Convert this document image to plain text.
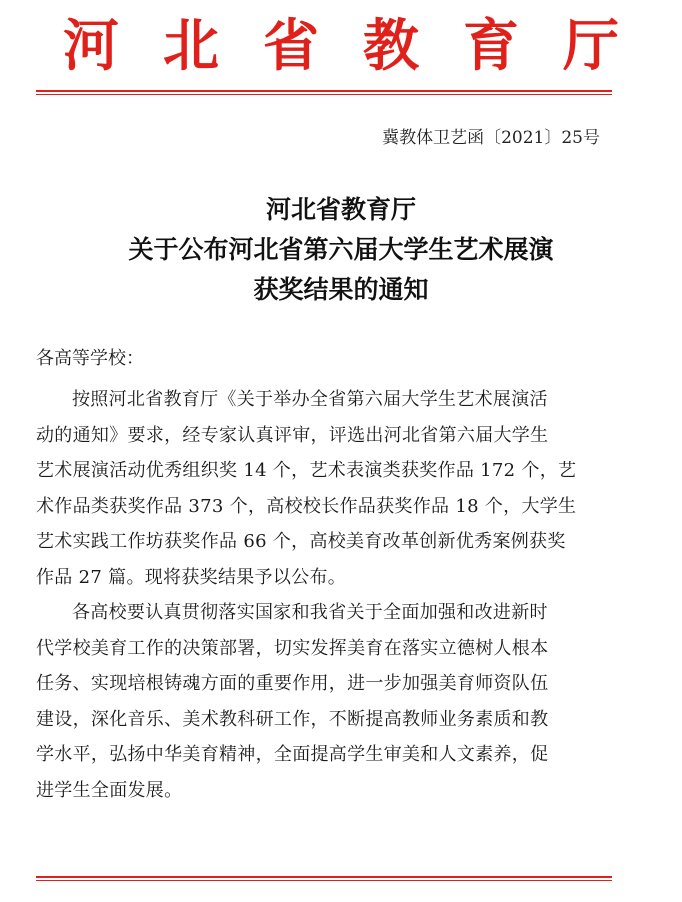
河北省教育厅
冀教体卫艺函〔2021〕25号
河北省教育厅
关于公布河北省第六届大学生艺术展演
获奖结果的通知
各高等学校：
按照河北省教育厅《关于举办全省第六届大学生艺术展演活
动的通知》要求，经专家认真评审，评选出河北省第六届大学生
艺术展演活动优秀组织奖 14 个，艺术表演类获奖作品 172 个，艺
术作品类获奖作品 373 个，高校校长作品获奖作品 18 个，大学生
艺术实践工作坊获奖作品 66 个，高校美育改革创新优秀案例获奖
作品 27 篇。现将获奖结果予以公布。
各高校要认真贯彻落实国家和我省关于全面加强和改进新时
代学校美育工作的决策部署，切实发挥美育在落实立德树人根本
任务、实现培根铸魂方面的重要作用，进一步加强美育师资队伍
建设，深化音乐、美术教科研工作，不断提高教师业务素质和教
学水平，弘扬中华美育精神，全面提高学生审美和人文素养，促
进学生全面发展。
